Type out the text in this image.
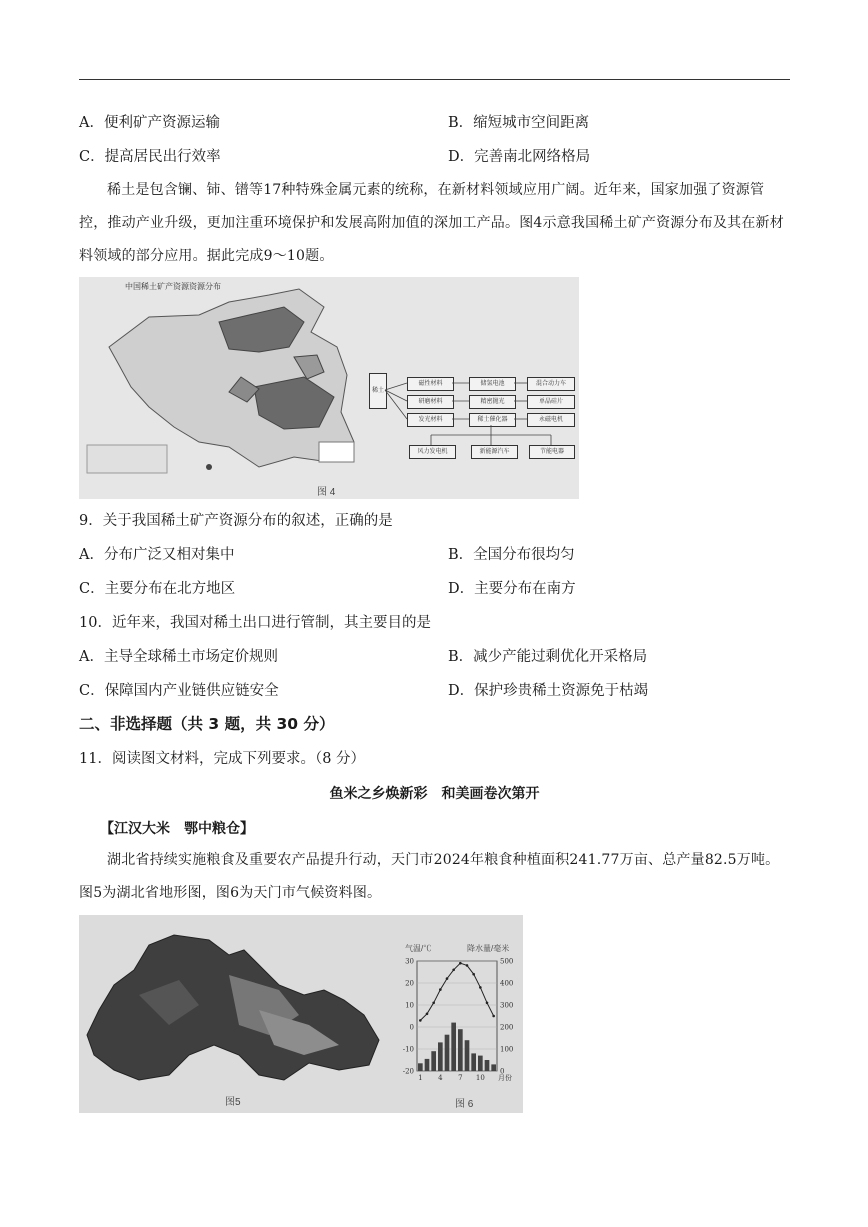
A．便利矿产资源运输	B．缩短城市空间距离
C．提高居民出行效率	D．完善南北网络格局
稀土是包含镧、铈、镨等17种特殊金属元素的统称，在新材料领域应用广阔。近年来，国家加强了资源管控，推动产业升级，更加注重环境保护和发展高附加值的深加工产品。图4示意我国稀土矿产资源分布及其在新材料领域的部分应用。据此完成9～10题。
中国稀土矿产资源资源分布
稀土
磁性材料
研磨材料
发光材料
储氢电池
精密抛光
稀土催化器
混合动力车
单晶硅片
永磁电机
风力发电机	新能源汽车	节能电器
图 4
9．关于我国稀土矿产资源分布的叙述，正确的是
A．分布广泛又相对集中	B．全国分布很均匀
C．主要分布在北方地区	D．主要分布在南方
10．近年来，我国对稀土出口进行管制，其主要目的是
A．主导全球稀土市场定价规则	B．减少产能过剩优化开采格局
C．保障国内产业链供应链安全	D．保护珍贵稀土资源免于枯竭
二、非选择题（共 3 题，共 30 分）
11．阅读图文材料，完成下列要求。（8 分）
鱼米之乡焕新彩　和美画卷次第开
【江汉大米　鄂中粮仓】
湖北省持续实施粮食及重要农产品提升行动，天门市2024年粮食种植面积241.77万亩、总产量82.5万吨。图5为湖北省地形图，图6为天门市气候资料图。
图5
气温/℃	降水量/毫米
30
20
10
0
-10
-20
500
400
300
200
100
0
1 4 7 10 月份
图 6
